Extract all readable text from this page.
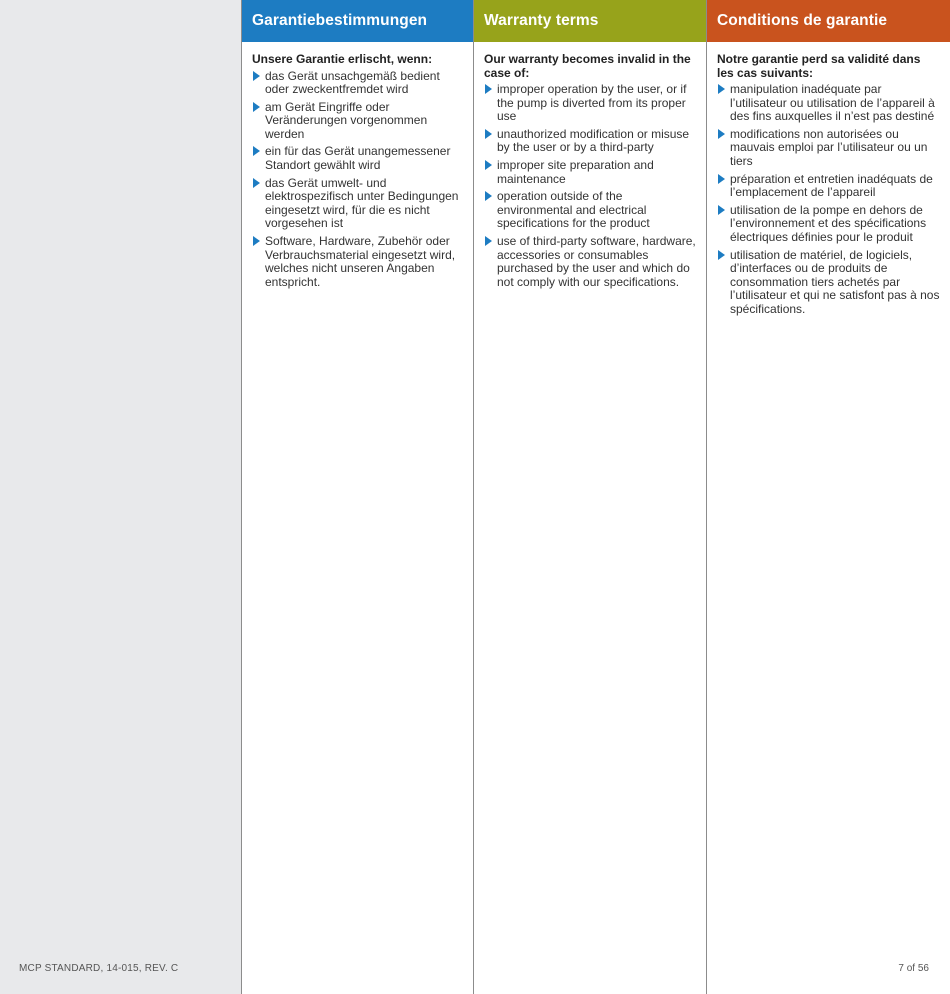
Garantiebestimmungen
Unsere Garantie erlischt, wenn:
das Gerät unsachgemäß bedient oder zweckentfremdet wird
am Gerät Eingriffe oder Veränderungen vorgenommen werden
ein für das Gerät unangemessener Standort gewählt wird
das Gerät umwelt- und elektrospezifisch unter Bedingungen eingesetzt wird, für die es nicht vorgesehen ist
Software, Hardware, Zubehör oder Verbrauchsmaterial eingesetzt wird, welches nicht unseren Angaben entspricht.
Warranty terms
Our warranty becomes invalid in the case of:
improper operation by the user, or if the pump is diverted from its proper use
unauthorized modification or misuse by the user or by a third-party
improper site preparation and maintenance
operation outside of the environmental and electrical specifications for the product
use of third-party software, hardware, accessories or consumables purchased by the user and which do not comply with our specifications.
Conditions de garantie
Notre garantie perd sa validité dans les cas suivants:
manipulation inadéquate par l’utilisateur ou utilisation de l’appareil à des fins auxquelles il n’est pas destiné
modifications non autorisées ou mauvais emploi par l’utilisateur ou un tiers
préparation et entretien inadéquats de l’emplacement de l’appareil
utilisation de la pompe en dehors de l’environnement et des spécifications électriques définies pour le produit
utilisation de matériel, de logiciels, d’interfaces ou de produits de consommation tiers achetés par l’utilisateur et qui ne satisfont pas à nos spécifications.
MCP STANDARD, 14-015, REV. C	7 of 56
